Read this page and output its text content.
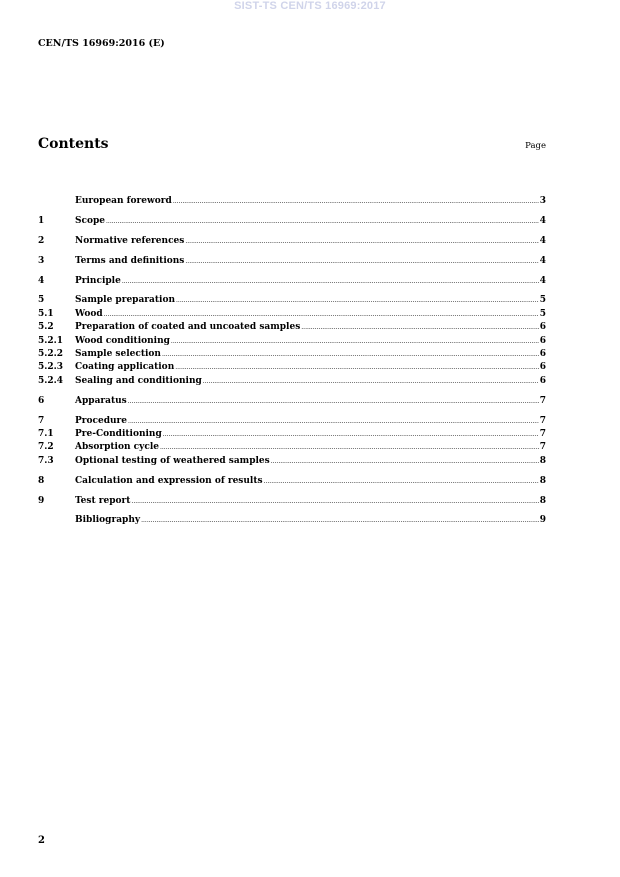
SIST-TS CEN/TS 16969:2017
CEN/TS 16969:2016 (E)
Contents	Page
European foreword .....	3
1	Scope .....	4
2	Normative references .....	4
3	Terms and definitions .....	4
4	Principle .....	4
5	Sample preparation .....	5
5.1	Wood .....	5
5.2	Preparation of coated and uncoated samples .....	6
5.2.1	Wood conditioning .....	6
5.2.2	Sample selection .....	6
5.2.3	Coating application .....	6
5.2.4	Sealing and conditioning .....	6
6	Apparatus .....	7
7	Procedure .....	7
7.1	Pre-Conditioning .....	7
7.2	Absorption cycle .....	7
7.3	Optional testing of weathered samples .....	8
8	Calculation and expression of results .....	8
9	Test report .....	8
Bibliography .....	9
2
